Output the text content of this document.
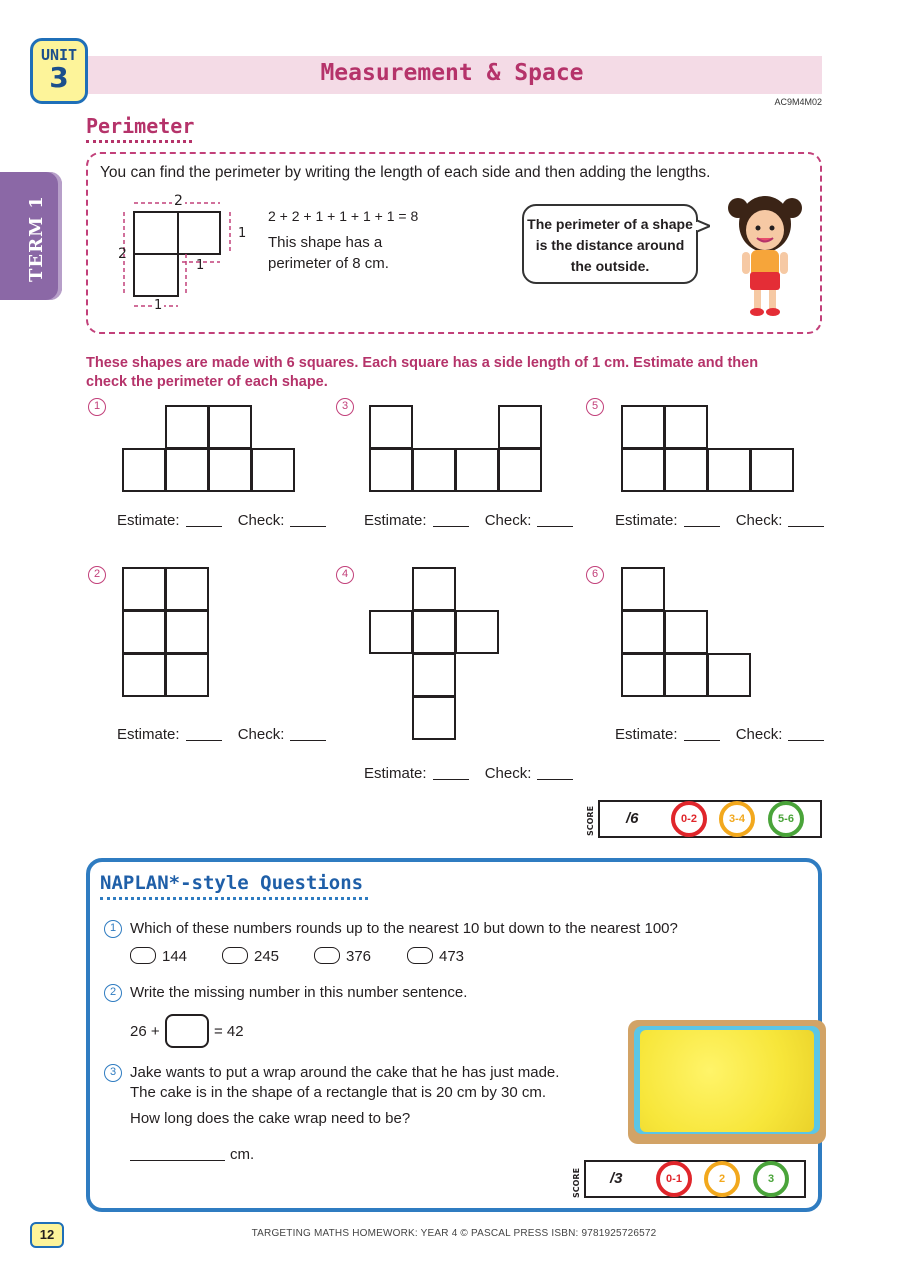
UNIT
3	Measurement & Space
AC9M4M02
TERM 1
Perimeter
You can find the perimeter by writing the length of each side and then adding the lengths.
2
2
1
1
1
2 + 2 + 1 + 1 + 1 + 1 = 8
This shape has a perimeter of 8 cm.
The perimeter of a shape is the distance around the outside.
These shapes are made with 6 squares. Each square has a side length of 1 cm. Estimate and then check the perimeter of each shape.
1
Estimate:	Check:
3
Estimate:	Check:
5
Estimate:	Check:
2
Estimate:	Check:
4
Estimate:	Check:
6
Estimate:	Check:
SCORE /6	0-2	3-4	5-6
NAPLAN*-style Questions
1 Which of these numbers rounds up to the nearest 10 but down to the nearest 100?
144	245	376	473
2 Write the missing number in this number sentence.
26 +	= 42
3 Jake wants to put a wrap around the cake that he has just made.
The cake is in the shape of a rectangle that is 20 cm by 30 cm.
How long does the cake wrap need to be?
cm.
SCORE /3	0-1	2	3
12	TARGETING MATHS HOMEWORK: YEAR 4 © PASCAL PRESS ISBN: 9781925726572
